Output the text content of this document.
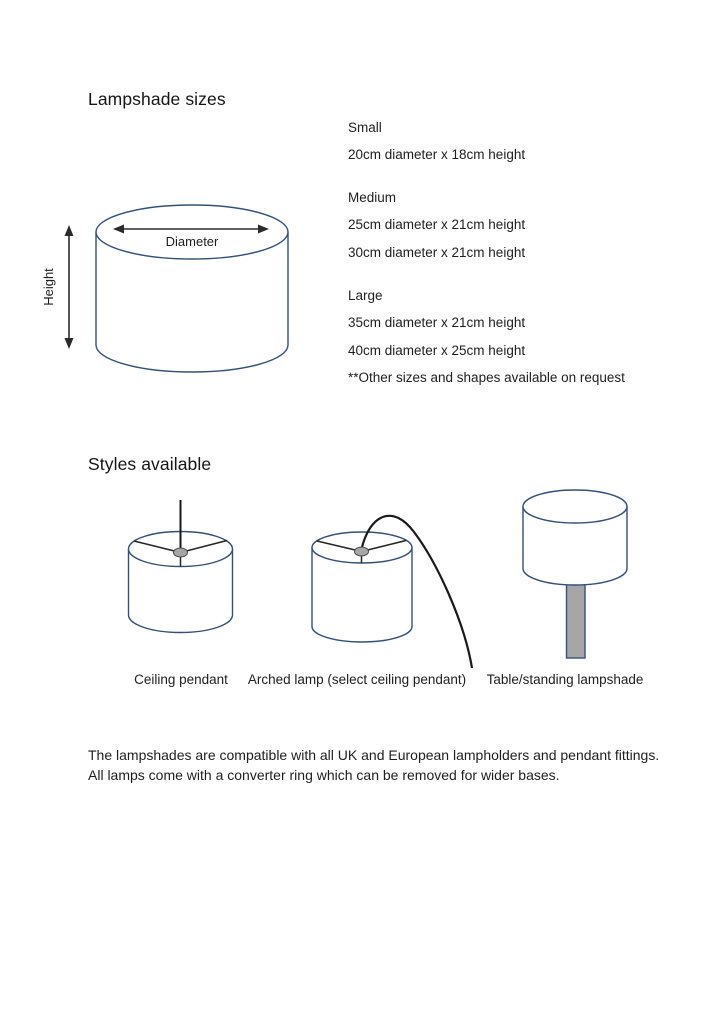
Lampshade sizes
Diameter
Height
Small
20cm diameter x 18cm height
Medium
25cm diameter x 21cm height
30cm diameter x 21cm height
Large
35cm diameter x 21cm height
40cm diameter x 25cm height
**Other sizes and shapes available on request
Styles available
Ceiling pendant Arched lamp (select ceiling pendant) Table/standing lampshade
The lampshades are compatible with all UK and European lampholders and pendant fittings.
All lamps come with a converter ring which can be removed for wider bases.
